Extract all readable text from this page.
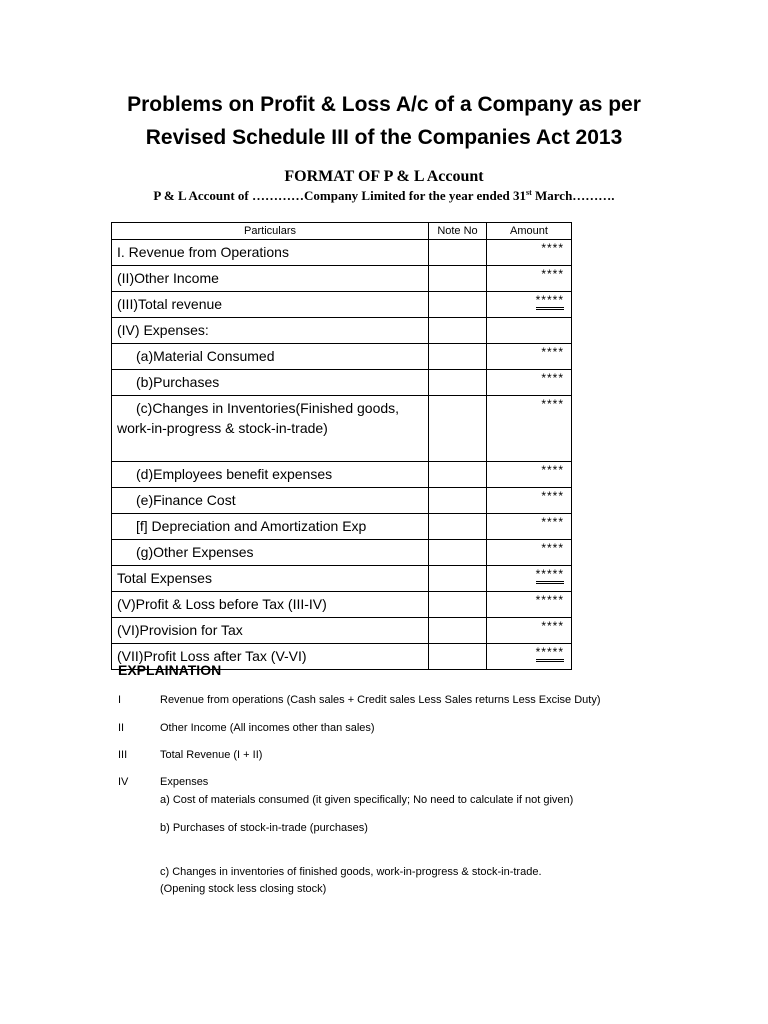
Problems on Profit & Loss A/c of a Company as per
Revised Schedule III of the Companies Act 2013
FORMAT OF P & L Account
P & L Account of …………Company Limited for the year ended 31st March……….
Particulars	Note No	Amount
I. Revenue from Operations		****
(II)Other Income		****
(III)Total revenue		*****
(IV) Expenses:		
(a)Material Consumed		****
(b)Purchases		****

(c)Changes in Inventories(Finished goods,
work-in-progress & stock-in-trade)		****
(d)Employees benefit expenses		****
(e)Finance Cost		****
[f] Depreciation and Amortization Exp		****
(g)Other Expenses		****
Total Expenses		*****
(V)Profit & Loss before Tax (III-IV)		*****
(VI)Provision for Tax		****
(VII)Profit Loss after Tax (V-VI)		*****
EXPLAINATION
I	Revenue from operations (Cash sales + Credit sales Less Sales returns Less Excise Duty)
II	Other Income (All incomes other than sales)
III	Total Revenue (I + II)
IV	Expenses
a) Cost of materials consumed (it given specifically; No need to calculate if not given)
b) Purchases of stock-in-trade (purchases)
c) Changes in inventories of finished goods, work-in-progress & stock-in-trade.
(Opening stock less closing stock)
